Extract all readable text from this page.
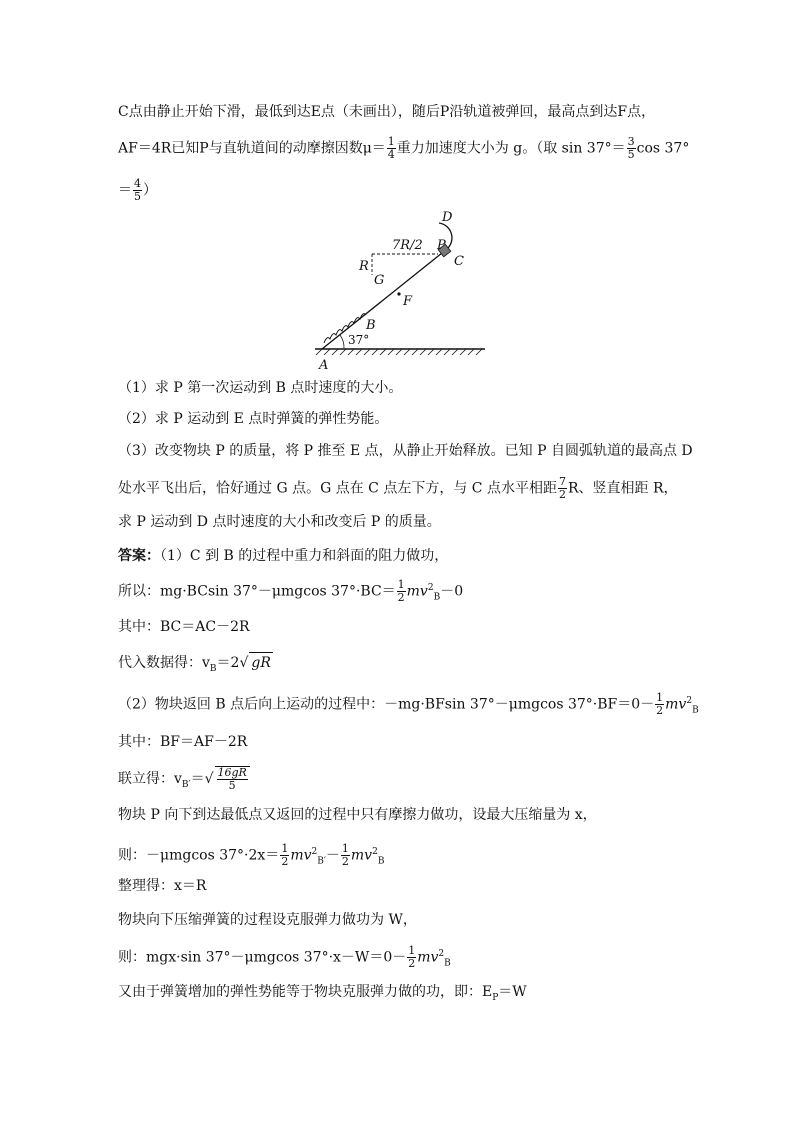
C点由静止开始下滑，最低到达E点（未画出），随后P沿轨道被弹回，最高点到达F点，
AF＝4R已知P与直轨道间的动摩擦因数$\mu= \frac{1}{4}$ 重力加速度大小为 g。（取 $\sin 37^\circ= \frac{3}{5}$ cos 37°
＝ $\frac{4}{5}$ ）
D
P
C
7R/2
R
G
F
B
37°
A
（1）求 P 第一次运动到 B 点时速度的大小。
（2）求 P 运动到 E 点时弹簧的弹性势能。
（3）改变物块 P 的质量，将 P 推至 E 点，从静止开始释放。已知 P 自圆弧轨道的最高点 D
处水平飞出后，恰好通过 G 点。G 点在 C 点左下方，与 C 点水平相距 $\frac{7}{2}$ R、竖直相距 R，
求 P 运动到 D 点时速度的大小和改变后 P 的质量。
答案：（1）C 到 B 的过程中重力和斜面的阻力做功，
所以：mg·BCsin 37°－μmgcos $37^\circ\cdot BC= \frac{1}{2} mv^2_B-0$
其中：BC＝AC－2R
代入数据得：$v_B=2√$ gR
（2）物块返回 B 点后向上运动的过程中：－mg·BFsin 37°－μmgcos $37^\circ\cdot BF=0- \frac{1}{2} mv^2_B$
其中：BF＝AF－2R
联立得：$v_{B'}=√ \frac{16gR}{5}$
物块 P 向下到达最低点又返回的过程中只有摩擦力做功，设最大压缩量为 x，
则：－μmgcos $37^\circ\cdot 2x= \frac{1}{2} mv^2_{B'}- \frac{1}{2} mv^2_B$
整理得：x＝R
物块向下压缩弹簧的过程设克服弹力做功为 W，
则：mgx·sin 37°－μmgcos $37^\circ\cdot x-W=0- \frac{1}{2} mv^2_B$
又由于弹簧增加的弹性势能等于物块克服弹力做的功，即：$E_P=W$
